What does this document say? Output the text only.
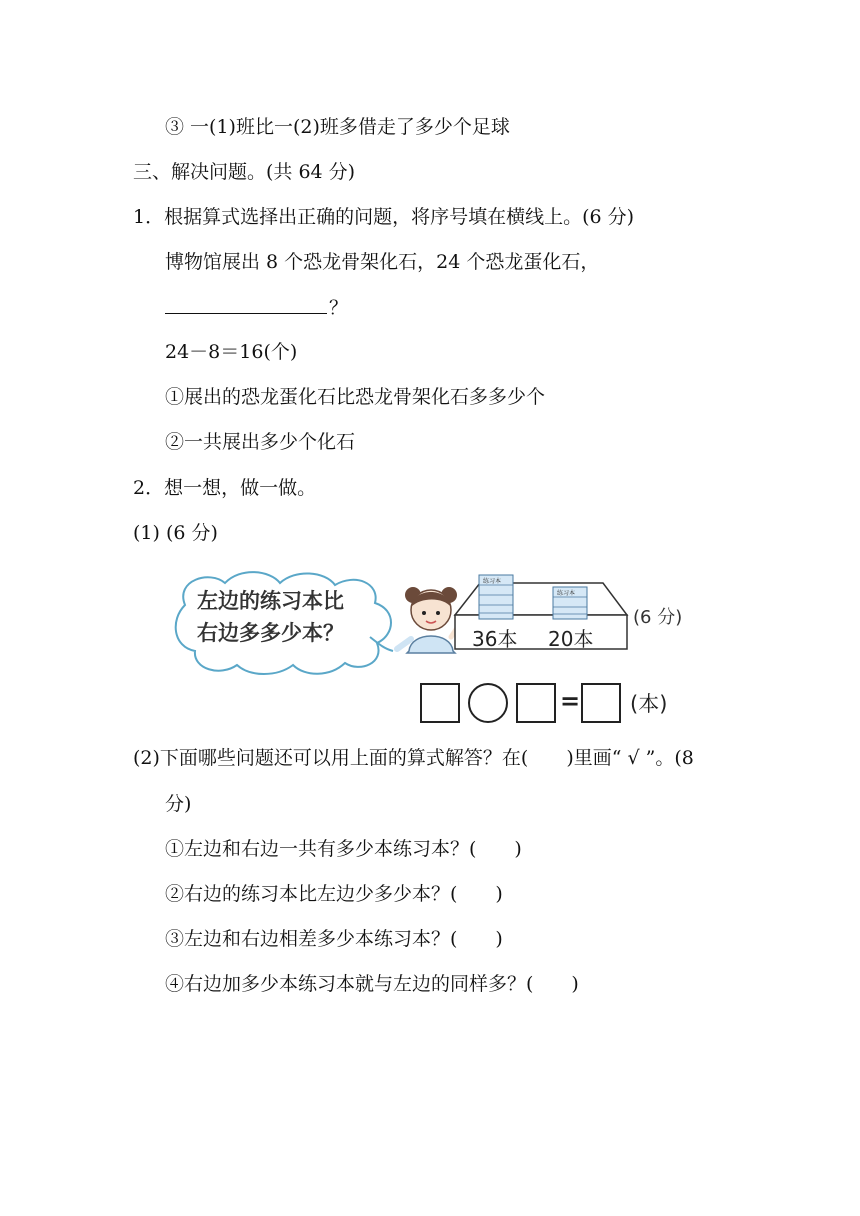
③ 一(1)班比一(2)班多借走了多少个足球
三、解决问题。(共 64 分)
1．根据算式选择出正确的问题，将序号填在横线上。(6 分)
博物馆展出 8 个恐龙骨架化石，24 个恐龙蛋化石，
？
24－8＝16(个)
①展出的恐龙蛋化石比恐龙骨架化石多多少个
②一共展出多少个化石
2．想一想，做一做。
(1) (6 分)
左边的练习本比
右边多多少本？
练习本
练习本
36本 20本
(6 分)
= (本)
(2)下面哪些问题还可以用上面的算式解答？在(　　)里画“ √ ”。(8
分)
①左边和右边一共有多少本练习本？(　　)
②右边的练习本比左边少多少本？(　　)
③左边和右边相差多少本练习本？(　　)
④右边加多少本练习本就与左边的同样多？(　　)
